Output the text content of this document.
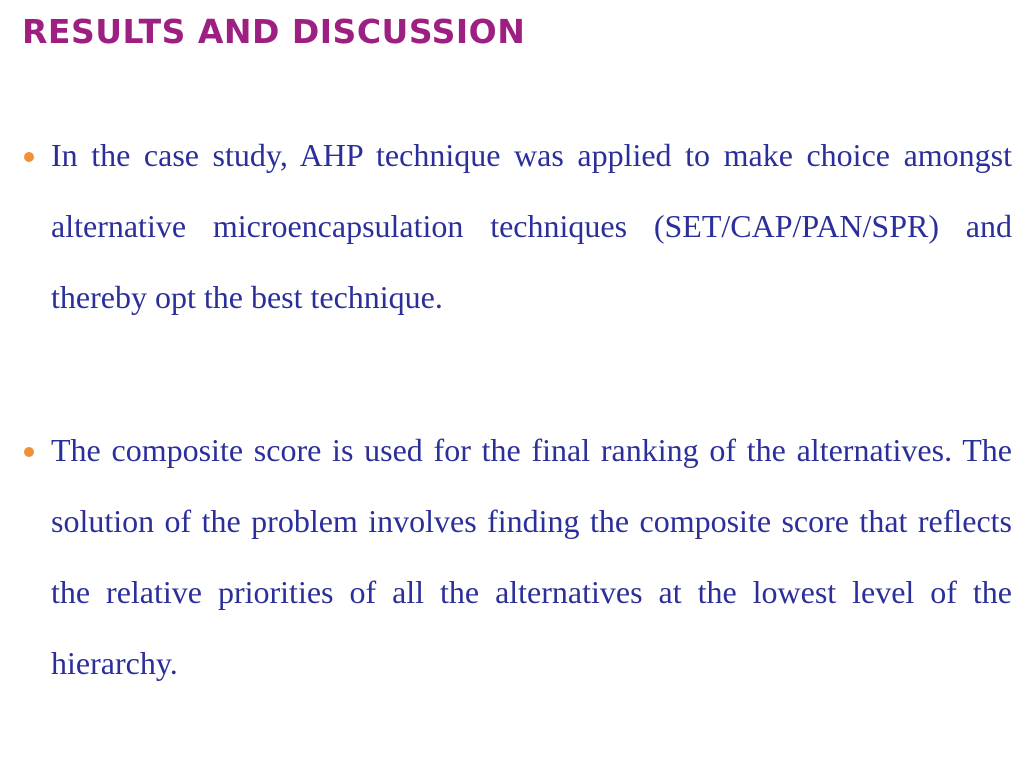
RESULTS AND DISCUSSION
In the case study, AHP technique was applied to make choice amongst alternative microencapsulation techniques (SET/CAP/PAN/SPR) and thereby opt the best technique.
The composite score is used for the final ranking of the alternatives. The solution of the problem involves finding the composite score that reflects the relative priorities of all the alternatives at the lowest level of the hierarchy.
